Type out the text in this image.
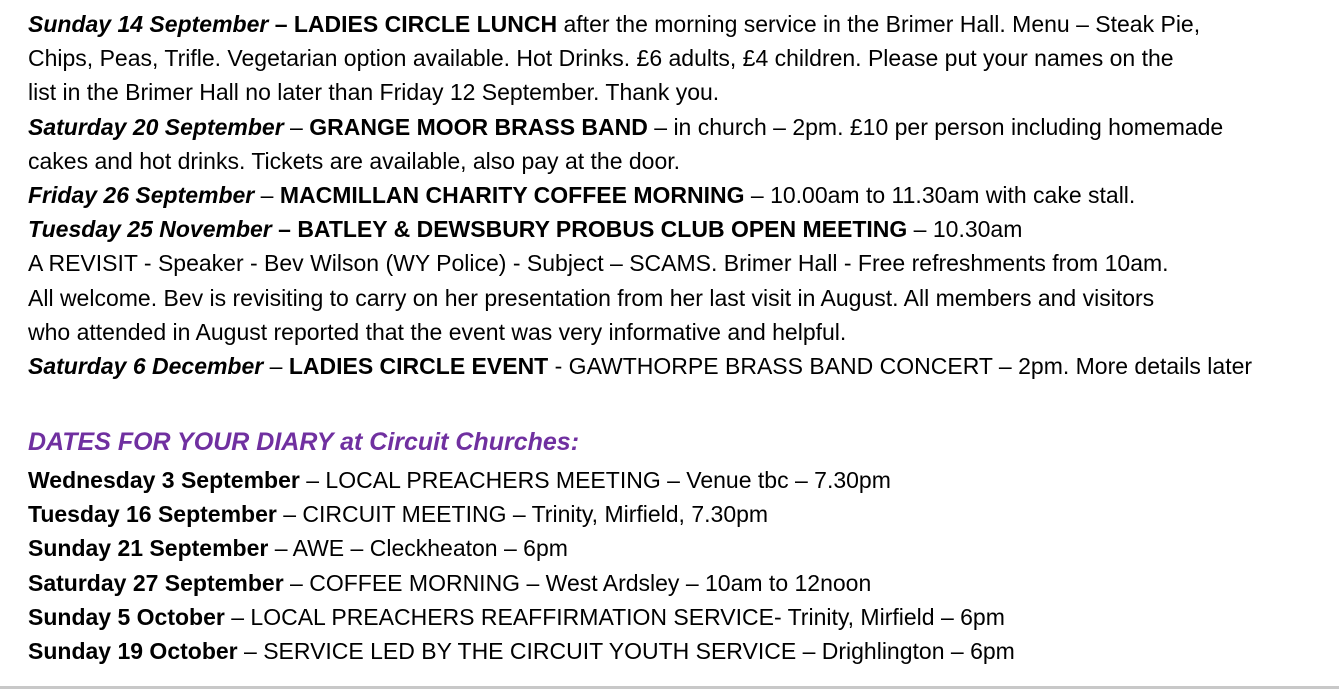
Sunday 14 September – LADIES CIRCLE LUNCH after the morning service in the Brimer Hall. Menu – Steak Pie,
Chips, Peas, Trifle. Vegetarian option available. Hot Drinks. £6 adults, £4 children. Please put your names on the
list in the Brimer Hall no later than Friday 12 September. Thank you.
Saturday 20 September – GRANGE MOOR BRASS BAND – in church – 2pm. £10 per person including homemade
cakes and hot drinks. Tickets are available, also pay at the door.
Friday 26 September – MACMILLAN CHARITY COFFEE MORNING – 10.00am to 11.30am with cake stall.
Tuesday 25 November – BATLEY & DEWSBURY PROBUS CLUB OPEN MEETING – 10.30am
A REVISIT - Speaker - Bev Wilson (WY Police) - Subject – SCAMS. Brimer Hall - Free refreshments from 10am.
All welcome. Bev is revisiting to carry on her presentation from her last visit in August. All members and visitors
who attended in August reported that the event was very informative and helpful.
Saturday 6 December – LADIES CIRCLE EVENT - GAWTHORPE BRASS BAND CONCERT – 2pm. More details later
DATES FOR YOUR DIARY at Circuit Churches:
Wednesday 3 September – LOCAL PREACHERS MEETING – Venue tbc – 7.30pm
Tuesday 16 September – CIRCUIT MEETING – Trinity, Mirfield, 7.30pm
Sunday 21 September – AWE – Cleckheaton – 6pm
Saturday 27 September – COFFEE MORNING – West Ardsley – 10am to 12noon
Sunday 5 October – LOCAL PREACHERS REAFFIRMATION SERVICE- Trinity, Mirfield – 6pm
Sunday 19 October – SERVICE LED BY THE CIRCUIT YOUTH SERVICE – Drighlington – 6pm
